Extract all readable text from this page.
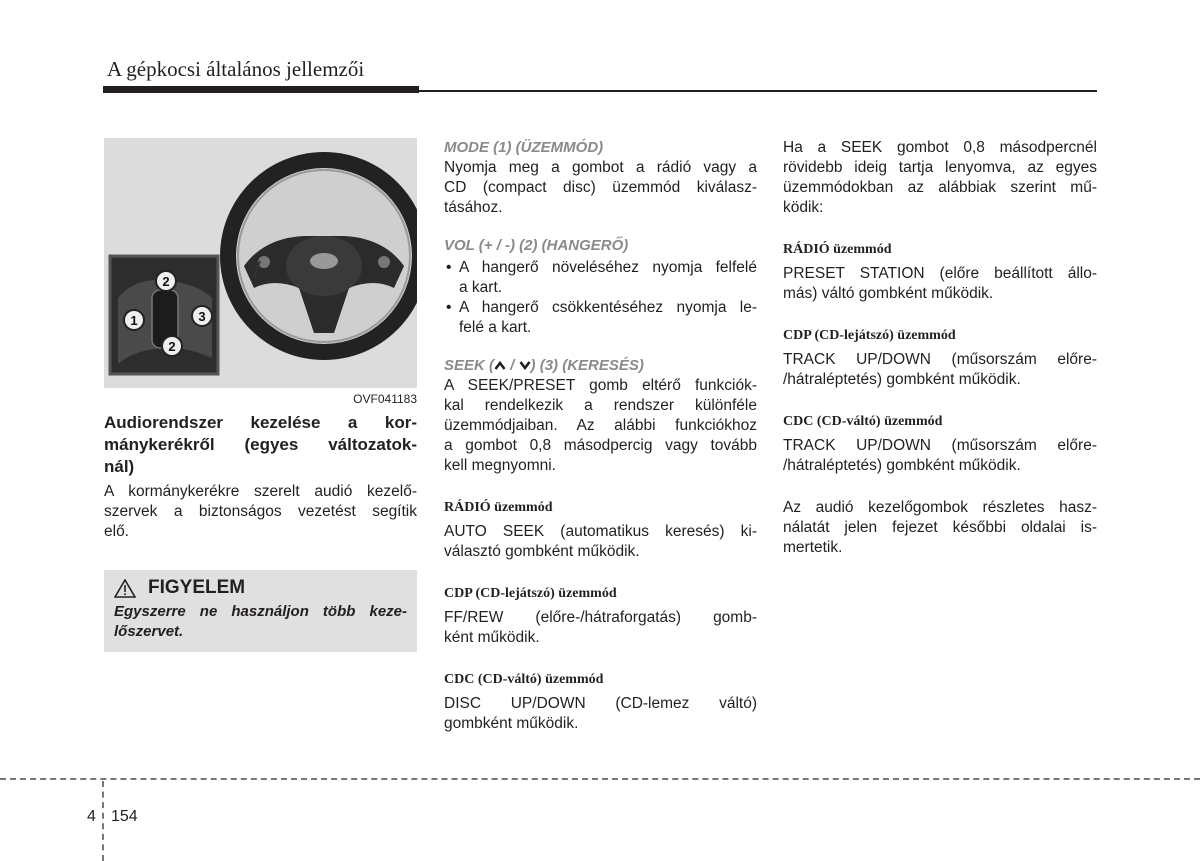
A gépkocsi általános jellemzői
1
2
3
2
OVF041183
Audiorendszer kezelése a kor-
mánykerékről (egyes változatok-
nál)
A kormánykerékre szerelt audió kezelő-
szervek a biztonságos vezetést segítik
elő.
FIGYELEM
Egyszerre ne használjon több keze-
lőszervet.
MODE (1) (ÜZEMMÓD)
Nyomja meg a gombot a rádió vagy a
CD (compact disc) üzemmód kiválasz-
tásához.
VOL (+ / -) (2) (HANGERŐ)
• A hangerő növeléséhez nyomja felfelé
a kart.
• A hangerő csökkentéséhez nyomja le-
felé a kart.
SEEK ( / ) (3) (KERESÉS)
A SEEK/PRESET gomb eltérő funkciók-
kal rendelkezik a rendszer különféle
üzemmódjaiban. Az alábbi funkciókhoz
a gombot 0,8 másodpercig vagy tovább
kell megnyomni.
RÁDIÓ üzemmód
AUTO SEEK (automatikus keresés) ki-
választó gombként működik.
CDP (CD-lejátszó) üzemmód
FF/REW (előre-/hátraforgatás) gomb-
ként működik.
CDC (CD-váltó) üzemmód
DISC UP/DOWN (CD-lemez váltó)
gombként működik.
Ha a SEEK gombot 0,8 másodpercnél
rövidebb ideig tartja lenyomva, az egyes
üzemmódokban az alábbiak szerint mű-
ködik:
RÁDIÓ üzemmód
PRESET STATION (előre beállított állo-
más) váltó gombként működik.
CDP (CD-lejátszó) üzemmód
TRACK UP/DOWN (műsorszám előre-
/hátraléptetés) gombként működik.
CDC (CD-váltó) üzemmód
TRACK UP/DOWN (műsorszám előre-
/hátraléptetés) gombként működik.
Az audió kezelőgombok részletes hasz-
nálatát jelen fejezet későbbi oldalai is-
mertetik.
4 154
